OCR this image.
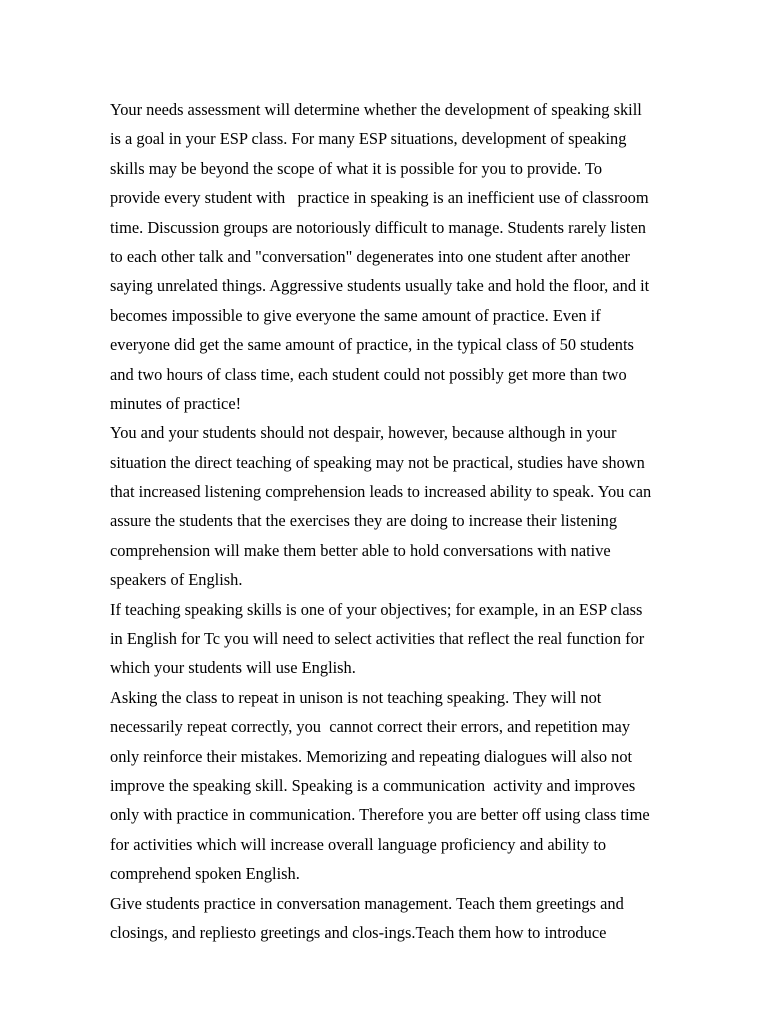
Your needs assessment will determine whether the development of speaking skill
is a goal in your ESP class. For many ESP situations, development of speaking
skills may be beyond the scope of what it is possible for you to provide. To
provide every student with   practice in speaking is an inefficient use of classroom
time. Discussion groups are notoriously difficult to manage. Students rarely listen
to each other talk and "conversation" degenerates into one student after another
saying unrelated things. Aggressive students usually take and hold the floor, and it
becomes impossible to give everyone the same amount of practice. Even if
everyone did get the same amount of practice, in the typical class of 50 students
and two hours of class time, each student could not possibly get more than two
minutes of practice!
You and your students should not despair, however, because although in your
situation the direct teaching of speaking may not be practical, studies have shown
that increased listening comprehension leads to increased ability to speak. You can
assure the students that the exercises they are doing to increase their listening
comprehension will make them better able to hold conversations with native
speakers of English.
If teaching speaking skills is one of your objectives; for example, in an ESP class
in English for Tc you will need to select activities that reflect the real function for
which your students will use English.
Asking the class to repeat in unison is not teaching speaking. They will not
necessarily repeat correctly, you  cannot correct their errors, and repetition may
only reinforce their mistakes. Memorizing and repeating dialogues will also not
improve the speaking skill. Speaking is a communication  activity and improves
only with practice in communication. Therefore you are better off using class time
for activities which will increase overall language proficiency and ability to
comprehend spoken English.
Give students practice in conversation management. Teach them greetings and
closings, and repliesto greetings and clos-ings.Teach them how to introduce
